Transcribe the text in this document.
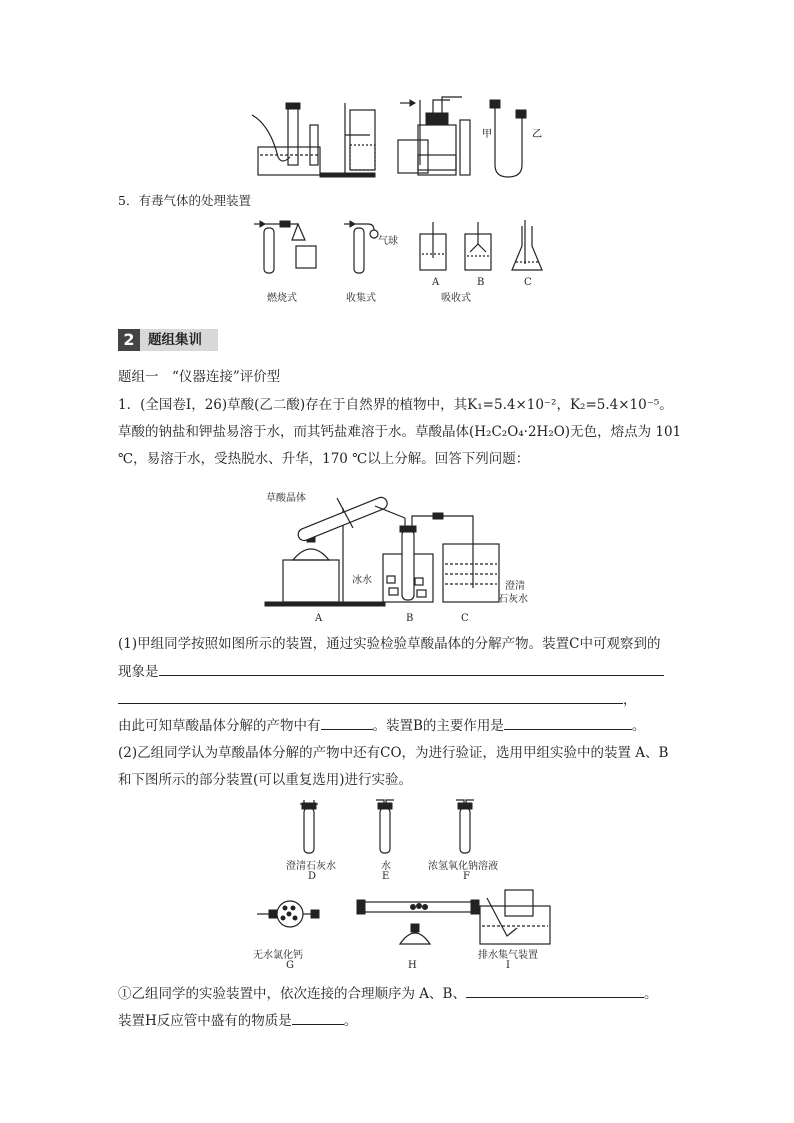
甲	乙
5．有毒气体的处理装置
气球
燃烧式	收集式
A	B
吸收式
C
2 题组集训
题组一　“仪器连接”评价型
1．(全国卷Ⅰ，26)草酸(乙二酸)存在于自然界的植物中，其K₁=5.4×10⁻²，K₂=5.4×10⁻⁵。
草酸的钠盐和钾盐易溶于水，而其钙盐难溶于水。草酸晶体(H₂C₂O₄·2H₂O)无色，熔点为 101
℃，易溶于水，受热脱水、升华，170 ℃以上分解。回答下列问题：
草酸晶体
冰水
澄清
石灰水
A	B	C
(1)甲组同学按照如图所示的装置，通过实验检验草酸晶体的分解产物。装置C中可观察到的
现象是
，
由此可知草酸晶体分解的产物中有	。装置B的主要作用是	。
(2)乙组同学认为草酸晶体分解的产物中还有CO，为进行验证，选用甲组实验中的装置 A、B
和下图所示的部分装置(可以重复选用)进行实验。
澄清石灰水
D
水
E
浓氢氧化钠溶液
F
无水氯化钙
G	H
排水集气装置
I
①乙组同学的实验装置中，依次连接的合理顺序为 A、B、	。
装置H反应管中盛有的物质是	。
